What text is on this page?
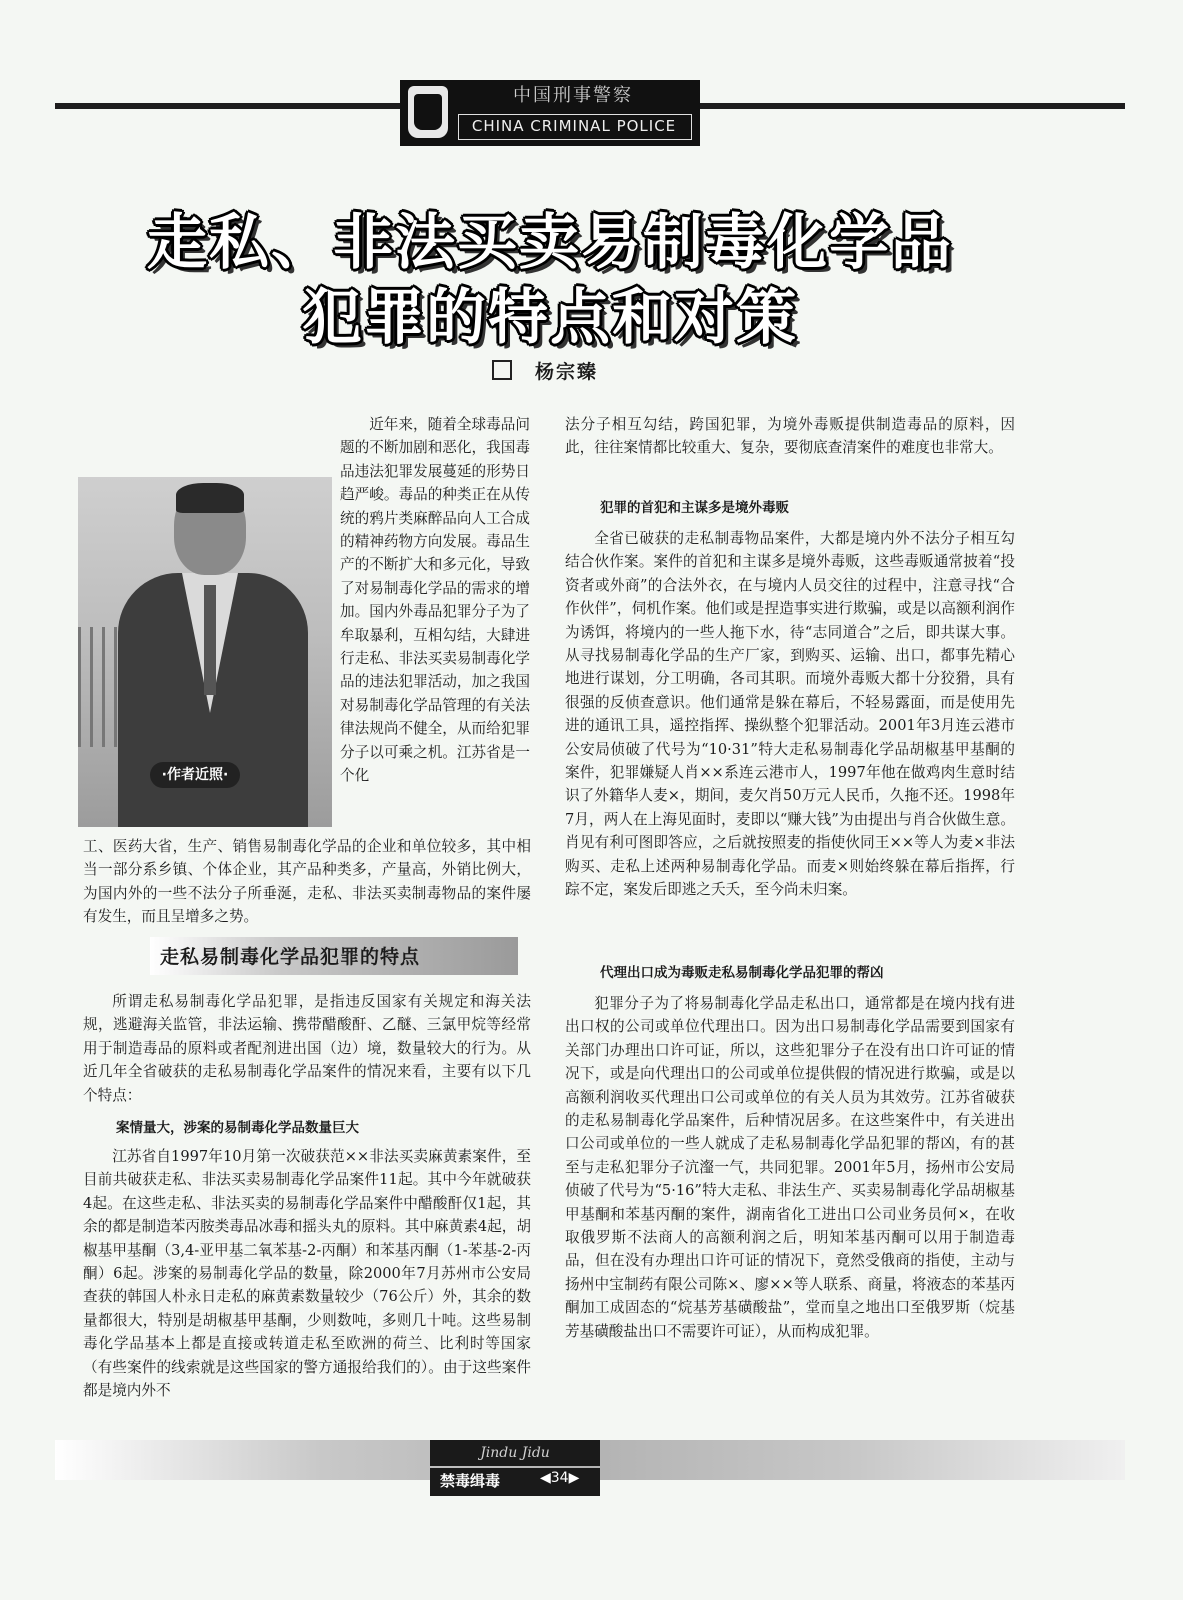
中国刑事警察
CHINA CRIMINAL POLICE
走私、非法买卖易制毒化学品
犯罪的特点和对策
杨宗臻
·作者近照·
近年来，随着全球毒品问题的不断加剧和恶化，我国毒品违法犯罪发展蔓延的形势日趋严峻。毒品的种类正在从传统的鸦片类麻醉品向人工合成的精神药物方向发展。毒品生产的不断扩大和多元化，导致了对易制毒化学品的需求的增加。国内外毒品犯罪分子为了牟取暴利，互相勾结，大肆进行走私、非法买卖易制毒化学品的违法犯罪活动，加之我国对易制毒化学品管理的有关法律法规尚不健全，从而给犯罪分子以可乘之机。江苏省是一个化
工、医药大省，生产、销售易制毒化学品的企业和单位较多，其中相当一部分系乡镇、个体企业，其产品种类多，产量高，外销比例大，为国内外的一些不法分子所垂涎，走私、非法买卖制毒物品的案件屡有发生，而且呈增多之势。
走私易制毒化学品犯罪的特点
所谓走私易制毒化学品犯罪，是指违反国家有关规定和海关法规，逃避海关监管，非法运输、携带醋酸酐、乙醚、三氯甲烷等经常用于制造毒品的原料或者配剂进出国（边）境，数量较大的行为。从近几年全省破获的走私易制毒化学品案件的情况来看，主要有以下几个特点：
案情量大，涉案的易制毒化学品数量巨大
江苏省自1997年10月第一次破获范××非法买卖麻黄素案件，至目前共破获走私、非法买卖易制毒化学品案件11起。其中今年就破获4起。在这些走私、非法买卖的易制毒化学品案件中醋酸酐仅1起，其余的都是制造苯丙胺类毒品冰毒和摇头丸的原料。其中麻黄素4起，胡椒基甲基酮（3,4-亚甲基二氧苯基-2-丙酮）和苯基丙酮（1-苯基-2-丙酮）6起。涉案的易制毒化学品的数量，除2000年7月苏州市公安局查获的韩国人朴永日走私的麻黄素数量较少（76公斤）外，其余的数量都很大，特别是胡椒基甲基酮，少则数吨，多则几十吨。这些易制毒化学品基本上都是直接或转道走私至欧洲的荷兰、比利时等国家（有些案件的线索就是这些国家的警方通报给我们的）。由于这些案件都是境内外不
法分子相互勾结，跨国犯罪，为境外毒贩提供制造毒品的原料，因此，往往案情都比较重大、复杂，要彻底查清案件的难度也非常大。
犯罪的首犯和主谋多是境外毒贩
全省已破获的走私制毒物品案件，大都是境内外不法分子相互勾结合伙作案。案件的首犯和主谋多是境外毒贩，这些毒贩通常披着“投资者或外商”的合法外衣，在与境内人员交往的过程中，注意寻找“合作伙伴”，伺机作案。他们或是捏造事实进行欺骗，或是以高额利润作为诱饵，将境内的一些人拖下水，待“志同道合”之后，即共谋大事。从寻找易制毒化学品的生产厂家，到购买、运输、出口，都事先精心地进行谋划，分工明确，各司其职。而境外毒贩大都十分狡猾，具有很强的反侦查意识。他们通常是躲在幕后，不轻易露面，而是使用先进的通讯工具，遥控指挥、操纵整个犯罪活动。2001年3月连云港市公安局侦破了代号为“10·31”特大走私易制毒化学品胡椒基甲基酮的案件，犯罪嫌疑人肖××系连云港市人，1997年他在做鸡肉生意时结识了外籍华人麦×，期间，麦欠肖50万元人民币，久拖不还。1998年7月，两人在上海见面时，麦即以“赚大钱”为由提出与肖合伙做生意。肖见有利可图即答应，之后就按照麦的指使伙同王××等人为麦×非法购买、走私上述两种易制毒化学品。而麦×则始终躲在幕后指挥，行踪不定，案发后即逃之夭夭，至今尚未归案。
代理出口成为毒贩走私易制毒化学品犯罪的帮凶
犯罪分子为了将易制毒化学品走私出口，通常都是在境内找有进出口权的公司或单位代理出口。因为出口易制毒化学品需要到国家有关部门办理出口许可证，所以，这些犯罪分子在没有出口许可证的情况下，或是向代理出口的公司或单位提供假的情况进行欺骗，或是以高额利润收买代理出口公司或单位的有关人员为其效劳。江苏省破获的走私易制毒化学品案件，后种情况居多。在这些案件中，有关进出口公司或单位的一些人就成了走私易制毒化学品犯罪的帮凶，有的甚至与走私犯罪分子沆瀣一气，共同犯罪。2001年5月，扬州市公安局侦破了代号为“5·16”特大走私、非法生产、买卖易制毒化学品胡椒基甲基酮和苯基丙酮的案件，湖南省化工进出口公司业务员何×，在收取俄罗斯不法商人的高额利润之后，明知苯基丙酮可以用于制造毒品，但在没有办理出口许可证的情况下，竟然受俄商的指使，主动与扬州中宝制药有限公司陈×、廖××等人联系、商量，将液态的苯基丙酮加工成固态的“烷基芳基磺酸盐”，堂而皇之地出口至俄罗斯（烷基芳基磺酸盐出口不需要许可证），从而构成犯罪。
Jindu Jidu
禁毒缉毒	◀34▶
